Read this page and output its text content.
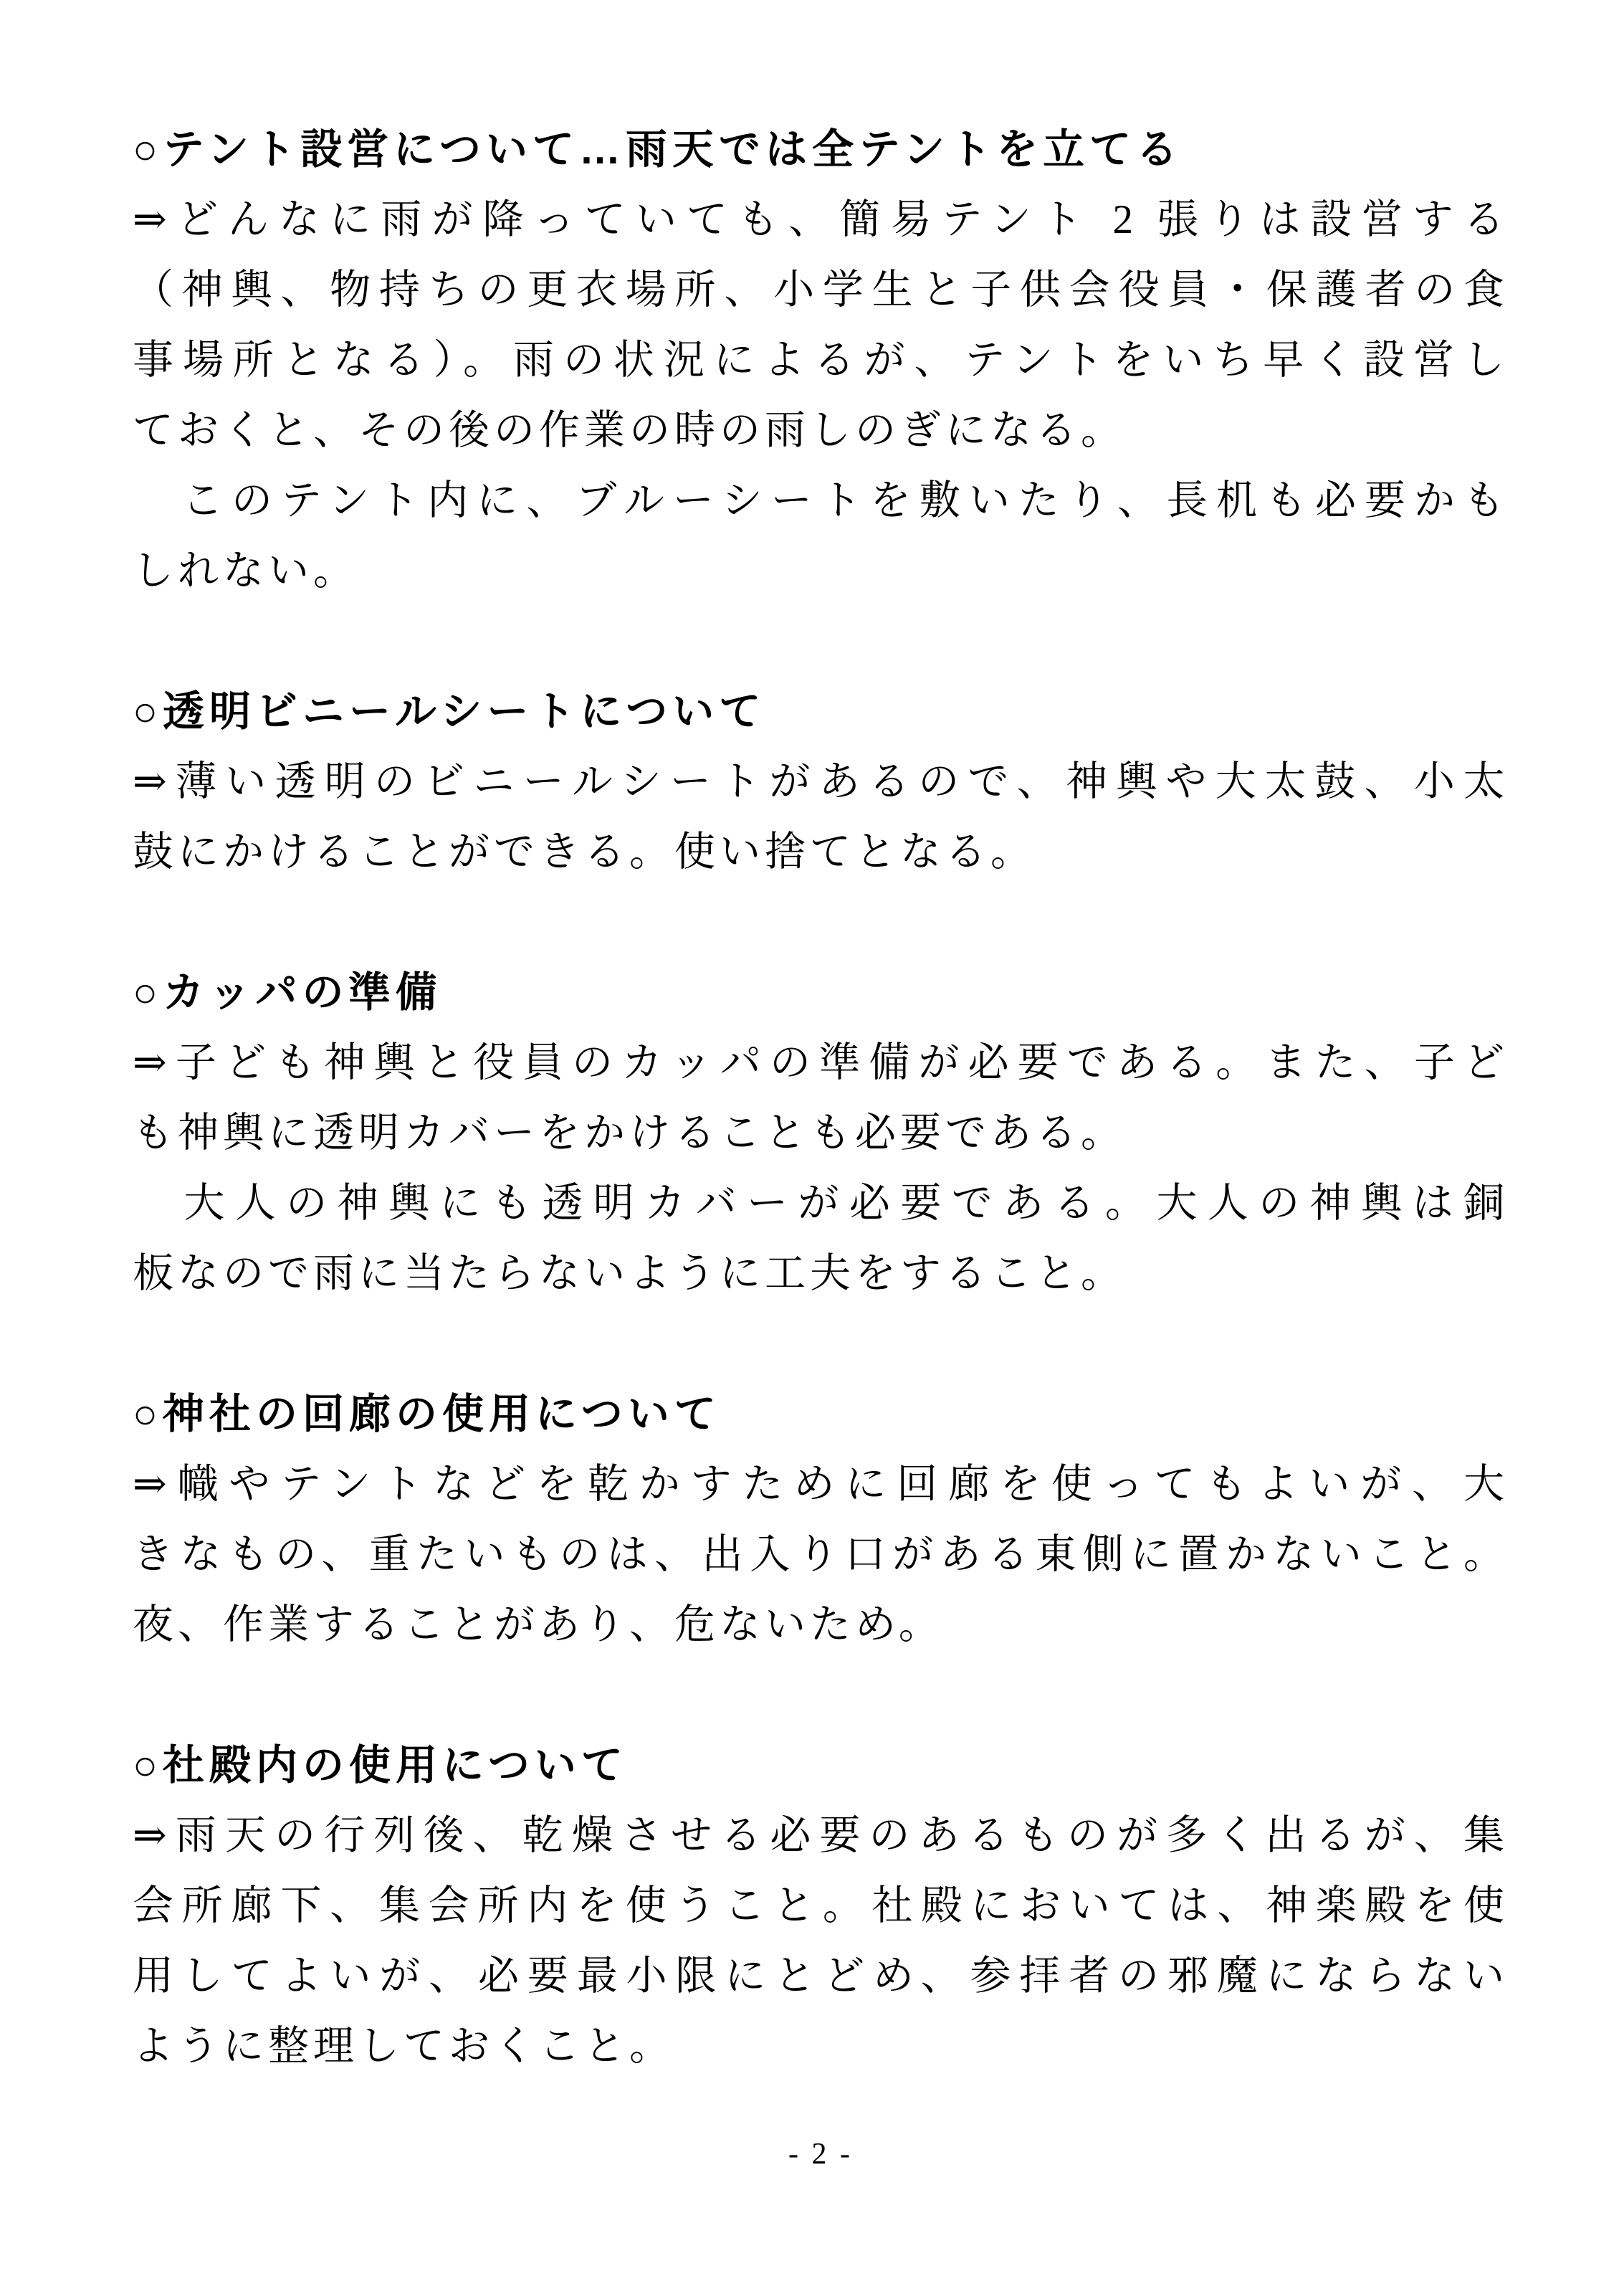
○テント設営について…雨天では全テントを立てる
⇒どんなに雨が降っていても、簡易テント 2 張りは設営する
（神輿、物持ちの更衣場所、小学生と子供会役員・保護者の食
事場所となる）。雨の状況によるが、テントをいち早く設営し
ておくと、その後の作業の時の雨しのぎになる。
　このテント内に、ブルーシートを敷いたり、長机も必要かも
しれない。
○透明ビニールシートについて
⇒薄い透明のビニールシートがあるので、神輿や大太鼓、小太
鼓にかけることができる。使い捨てとなる。
○カッパの準備
⇒子ども神輿と役員のカッパの準備が必要である。また、子ど
も神輿に透明カバーをかけることも必要である。
　大人の神輿にも透明カバーが必要である。大人の神輿は銅
板なので雨に当たらないように工夫をすること。
○神社の回廊の使用について
⇒幟やテントなどを乾かすために回廊を使ってもよいが、大
きなもの、重たいものは、出入り口がある東側に置かないこと。
夜、作業することがあり、危ないため。
○社殿内の使用について
⇒雨天の行列後、乾燥させる必要のあるものが多く出るが、集
会所廊下、集会所内を使うこと。社殿においては、神楽殿を使
用してよいが、必要最小限にとどめ、参拝者の邪魔にならない
ように整理しておくこと。
- 2 -
